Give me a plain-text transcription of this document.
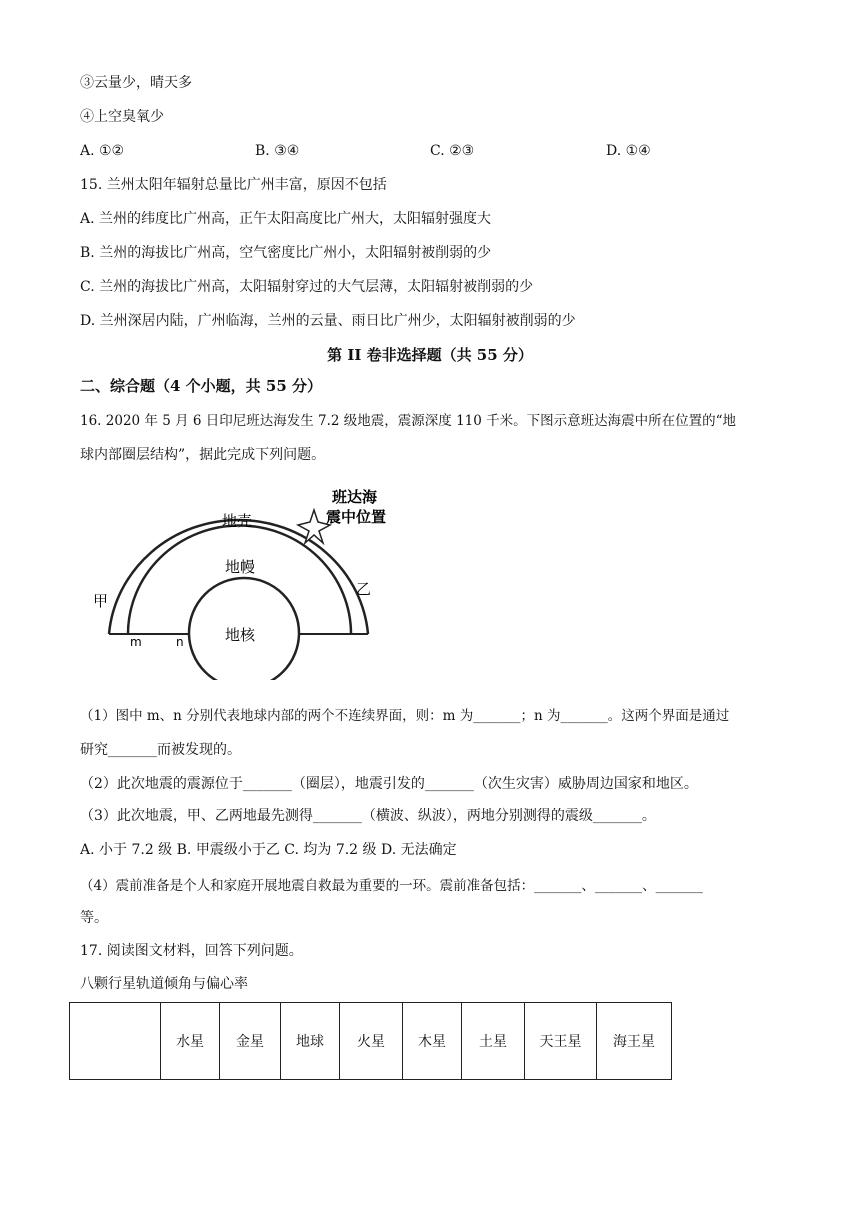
③云量少，晴天多
④上空臭氧少
A. ①②	B. ③④	C. ②③	D. ①④
15. 兰州太阳年辐射总量比广州丰富，原因不包括
A. 兰州的纬度比广州高，正午太阳高度比广州大，太阳辐射强度大
B. 兰州的海拔比广州高，空气密度比广州小，太阳辐射被削弱的少
C. 兰州的海拔比广州高，太阳辐射穿过的大气层薄，太阳辐射被削弱的少
D. 兰州深居内陆，广州临海，兰州的云量、雨日比广州少，太阳辐射被削弱的少
第 II 卷非选择题（共 55 分）
二、综合题（4 个小题，共 55 分）
16. 2020 年 5 月 6 日印尼班达海发生 7.2 级地震，震源深度 110 千米。下图示意班达海震中所在位置的“地
球内部圈层结构”，据此完成下列问题。
地壳
地幔
地核
甲
乙
m	n
班达海
震中位置
（1）图中 m、n 分别代表地球内部的两个不连续界面，则：m 为_______；n 为_______。这两个界面是通过
研究_______而被发现的。
（2）此次地震的震源位于_______（圈层），地震引发的_______（次生灾害）威胁周边国家和地区。
（3）此次地震，甲、乙两地最先测得_______（横波、纵波），两地分别测得的震级_______。
A. 小于 7.2 级 B. 甲震级小于乙 C. 均为 7.2 级 D. 无法确定
（4）震前准备是个人和家庭开展地震自救最为重要的一环。震前准备包括：_______、_______、_______
等。
17. 阅读图文材料，回答下列问题。
八颗行星轨道倾角与偏心率
	水星	金星	地球	火星	木星	土星	天王星	海王星
